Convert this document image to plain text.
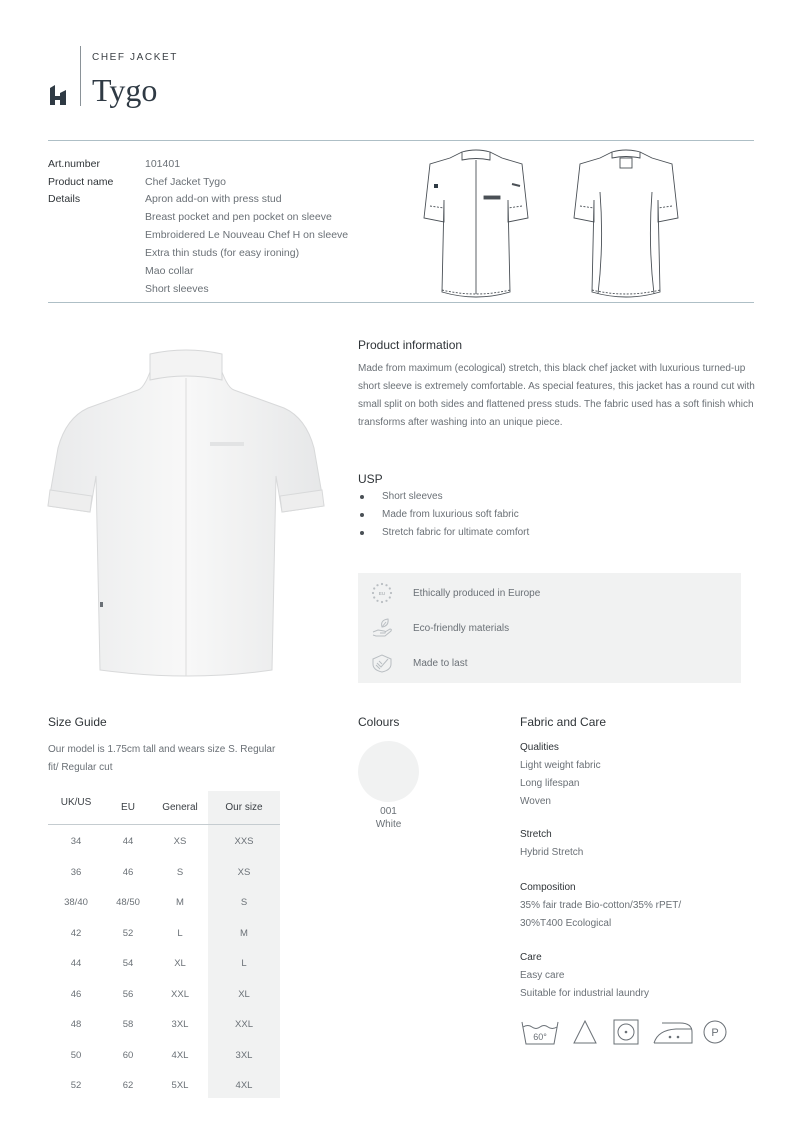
CHEF JACKET
Tygo
Art.number	101401
Product name	Chef Jacket Tygo
Details	Apron add-on with press stud
Breast pocket and pen pocket on sleeve
Embroidered Le Nouveau Chef H on sleeve
Extra thin studs (for easy ironing)
Mao collar
Short sleeves
Product information
Made from maximum (ecological) stretch, this black chef jacket with luxurious turned-up short sleeve is extremely comfortable. As special features, this jacket has a round cut with small split on both sides and flattened press studs. The fabric used has a soft finish which transforms after washing into an unique piece.
USP
Short sleeves
Made from luxurious soft fabric
Stretch fabric for ultimate comfort
EU	Ethically produced in Europe
Eco-friendly materials
Made to last
Size Guide
Our model is 1.75cm tall and wears size S. Regular fit/ Regular cut
UK/US	EU	General	Our size
34	44	XS	XXS
36	46	S	XS
38/40	48/50	M	S
42	52	L	M
44	54	XL	L
46	56	XXL	XL
48	58	3XL	XXL
50	60	4XL	3XL
52	62	5XL	4XL
Colours
001
White
Fabric and Care
Qualities
Light weight fabric
Long lifespan
Woven
Stretch
Hybrid Stretch
Composition
35% fair trade Bio-cotton/35% rPET/
30%T400 Ecological
Care
Easy care
Suitable for industrial laundry
60°	P
